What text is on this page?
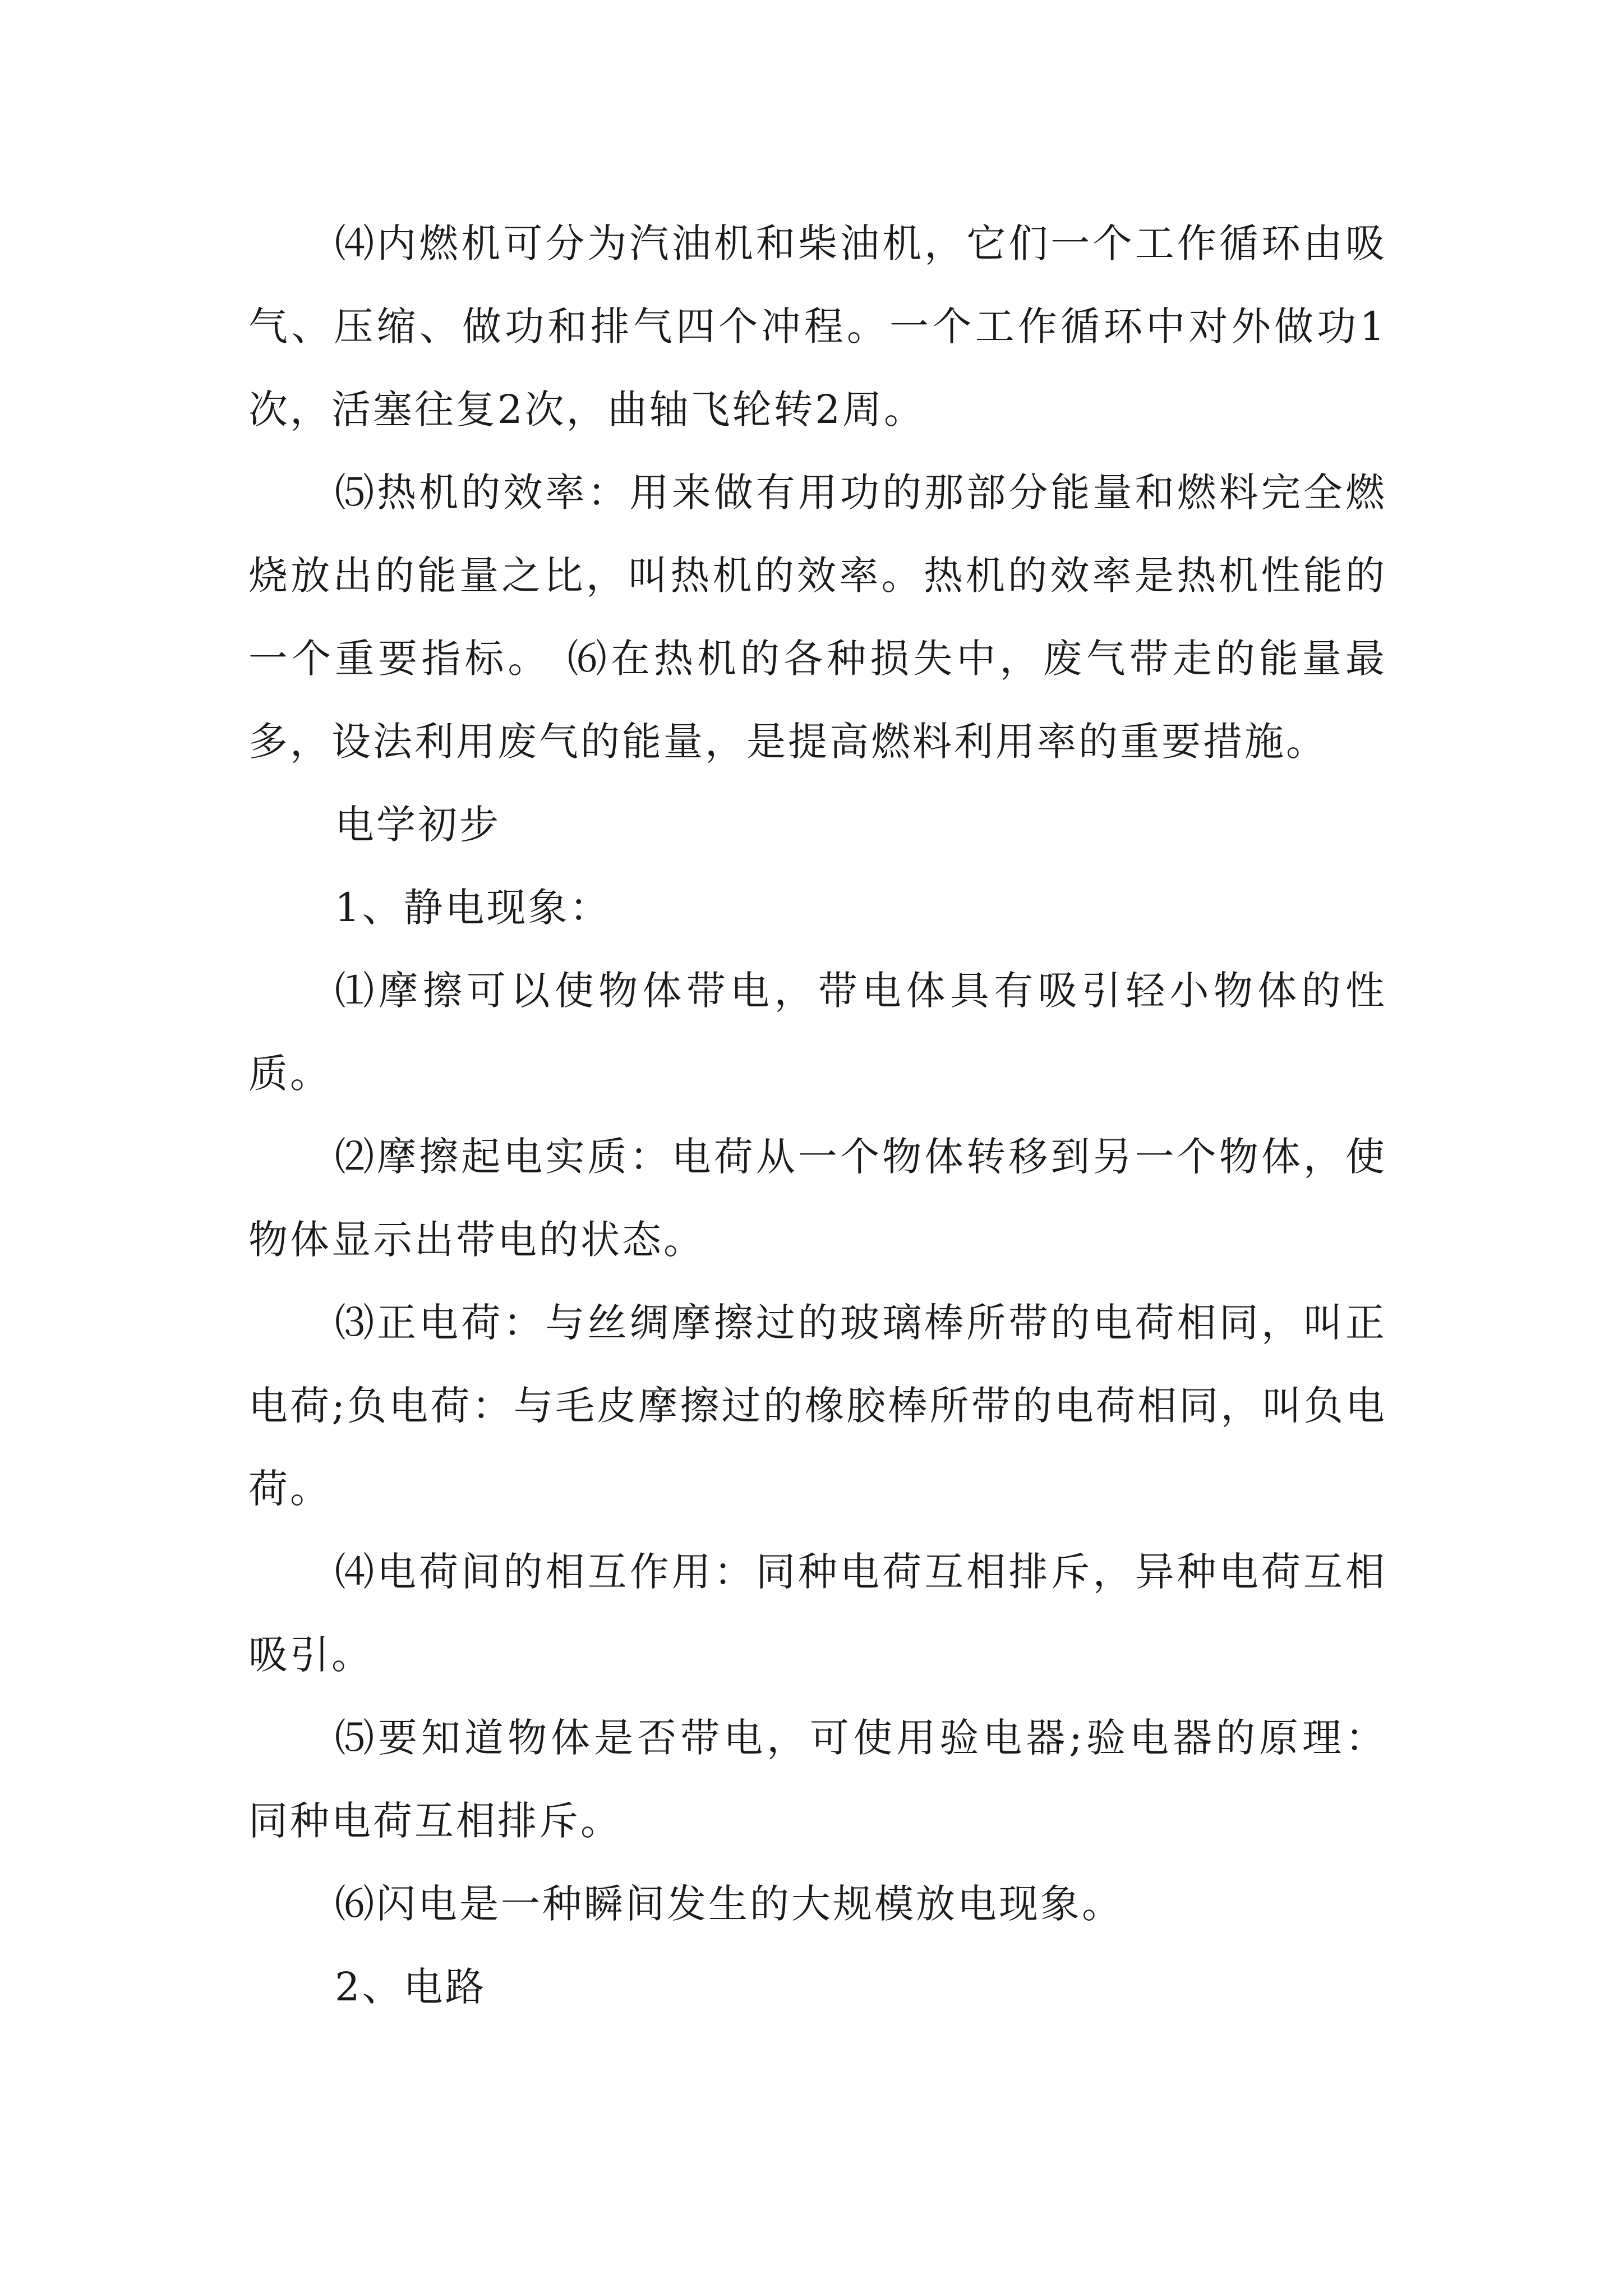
⑷内燃机可分为汽油机和柴油机，它们一个工作循环由吸气、压缩、做功和排气四个冲程。一个工作循环中对外做功1次，活塞往复2次，曲轴飞轮转2周。

⑸热机的效率：用来做有用功的那部分能量和燃料完全燃烧放出的能量之比，叫热机的效率。热机的效率是热机性能的一个重要指标。 ⑹在热机的各种损失中，废气带走的能量最多，设法利用废气的能量，是提高燃料利用率的重要措施。

电学初步

1、静电现象：

⑴摩擦可以使物体带电，带电体具有吸引轻小物体的性质。

⑵摩擦起电实质：电荷从一个物体转移到另一个物体，使物体显示出带电的状态。

⑶正电荷：与丝绸摩擦过的玻璃棒所带的电荷相同，叫正电荷;负电荷：与毛皮摩擦过的橡胶棒所带的电荷相同，叫负电荷。

⑷电荷间的相互作用：同种电荷互相排斥，异种电荷互相吸引。

⑸要知道物体是否带电，可使用验电器;验电器的原理：同种电荷互相排斥。

⑹闪电是一种瞬间发生的大规模放电现象。

2、电路
